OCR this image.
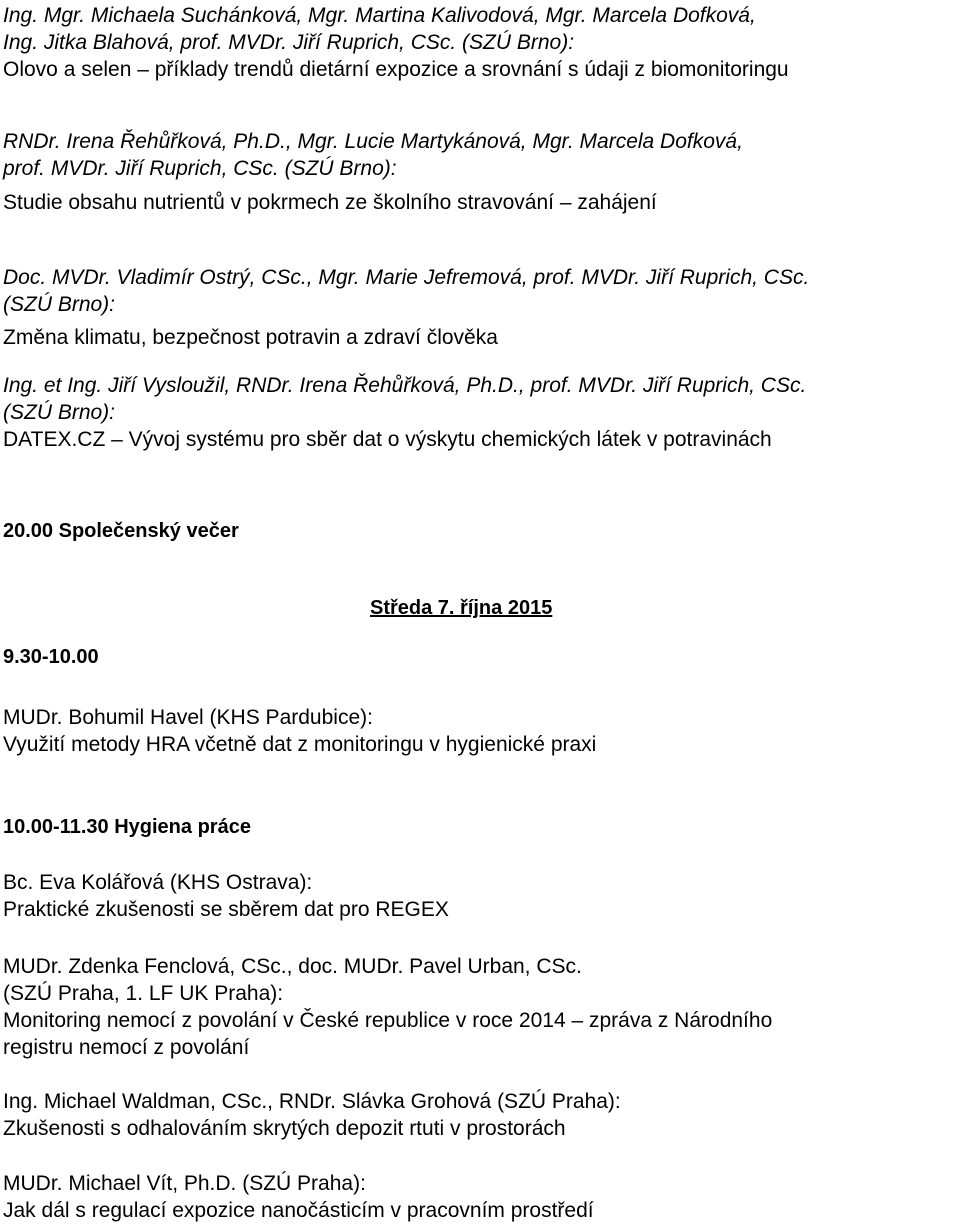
Ing. Mgr. Michaela Suchánková, Mgr. Martina Kalivodová, Mgr. Marcela Dofková,
Ing. Jitka Blahová, prof. MVDr. Jiří Ruprich, CSc. (SZÚ Brno):
Olovo a selen – příklady trendů dietární expozice a srovnání s údaji z biomonitoringu
RNDr. Irena Řehůřková, Ph.D., Mgr. Lucie Martykánová, Mgr. Marcela Dofková,
prof. MVDr. Jiří Ruprich, CSc. (SZÚ Brno):
Studie obsahu nutrientů v pokrmech ze školního stravování – zahájení
Doc. MVDr. Vladimír Ostrý, CSc., Mgr. Marie Jefremová, prof. MVDr. Jiří Ruprich, CSc.
(SZÚ Brno):
Změna klimatu, bezpečnost potravin a zdraví člověka
Ing. et Ing. Jiří Vysloužil, RNDr. Irena Řehůřková, Ph.D., prof. MVDr. Jiří Ruprich, CSc.
(SZÚ Brno):
DATEX.CZ – Vývoj systému pro sběr dat o výskytu chemických látek v potravinách
20.00 Společenský večer
Středa 7. října 2015
9.30-10.00
MUDr. Bohumil Havel (KHS Pardubice):
Využití metody HRA včetně dat z monitoringu v hygienické praxi
10.00-11.30 Hygiena práce
Bc. Eva Kolářová (KHS Ostrava):
Praktické zkušenosti se sběrem dat pro REGEX
MUDr. Zdenka Fenclová, CSc., doc. MUDr. Pavel Urban, CSc.
(SZÚ Praha, 1. LF UK Praha):
Monitoring nemocí z povolání v České republice v roce 2014 – zpráva z Národního
registru nemocí z povolání
Ing. Michael Waldman, CSc., RNDr. Slávka Grohová (SZÚ Praha):
Zkušenosti s odhalováním skrytých depozit rtuti v prostorách
MUDr. Michael Vít, Ph.D. (SZÚ Praha):
Jak dál s regulací expozice nanočásticím v pracovním prostředí
